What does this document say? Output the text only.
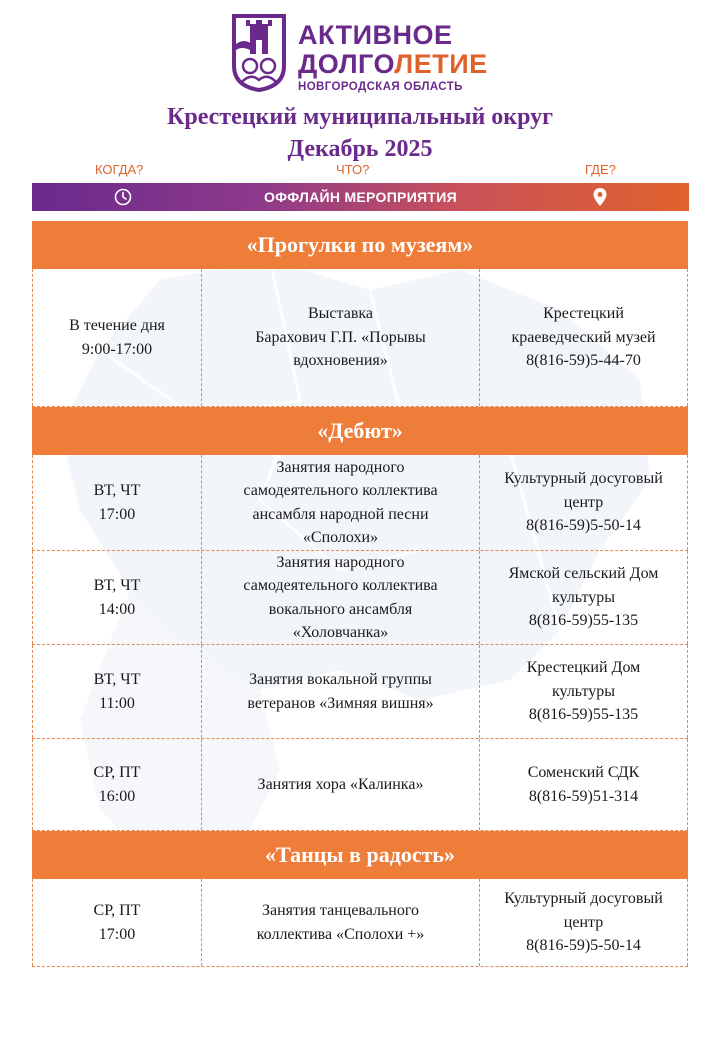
АКТИВНОЕ
ДОЛГОЛЕТИЕ
НОВГОРОДСКАЯ ОБЛАСТЬ
Крестецкий муниципальный округ
Декабрь 2025
КОГДА?	ЧТО?	ГДЕ?
ОФФЛАЙН МЕРОПРИЯТИЯ
«Прогулки по музеям»
В течение дня
9:00-17:00
Выставка
Барахович Г.П. «Порывы
вдохновения»
Крестецкий
краеведческий музей
8(816-59)5-44-70
«Дебют»
ВТ, ЧТ
17:00
Занятия народного
самодеятельного коллектива
ансамбля народной песни
«Сполохи»
Культурный досуговый
центр
8(816-59)5-50-14
ВТ, ЧТ
14:00
Занятия народного
самодеятельного коллектива
вокального ансамбля
«Холовчанка»
Ямской сельский Дом
культуры
8(816-59)55-135
ВТ, ЧТ
11:00
Занятия вокальной группы
ветеранов «Зимняя вишня»
Крестецкий Дом
культуры
8(816-59)55-135
СР, ПТ
16:00
Занятия хора «Калинка»
Соменский СДК
8(816-59)51-314
«Танцы в радость»
СР, ПТ
17:00
Занятия танцевального
коллектива «Сполохи +»
Культурный досуговый
центр
8(816-59)5-50-14
